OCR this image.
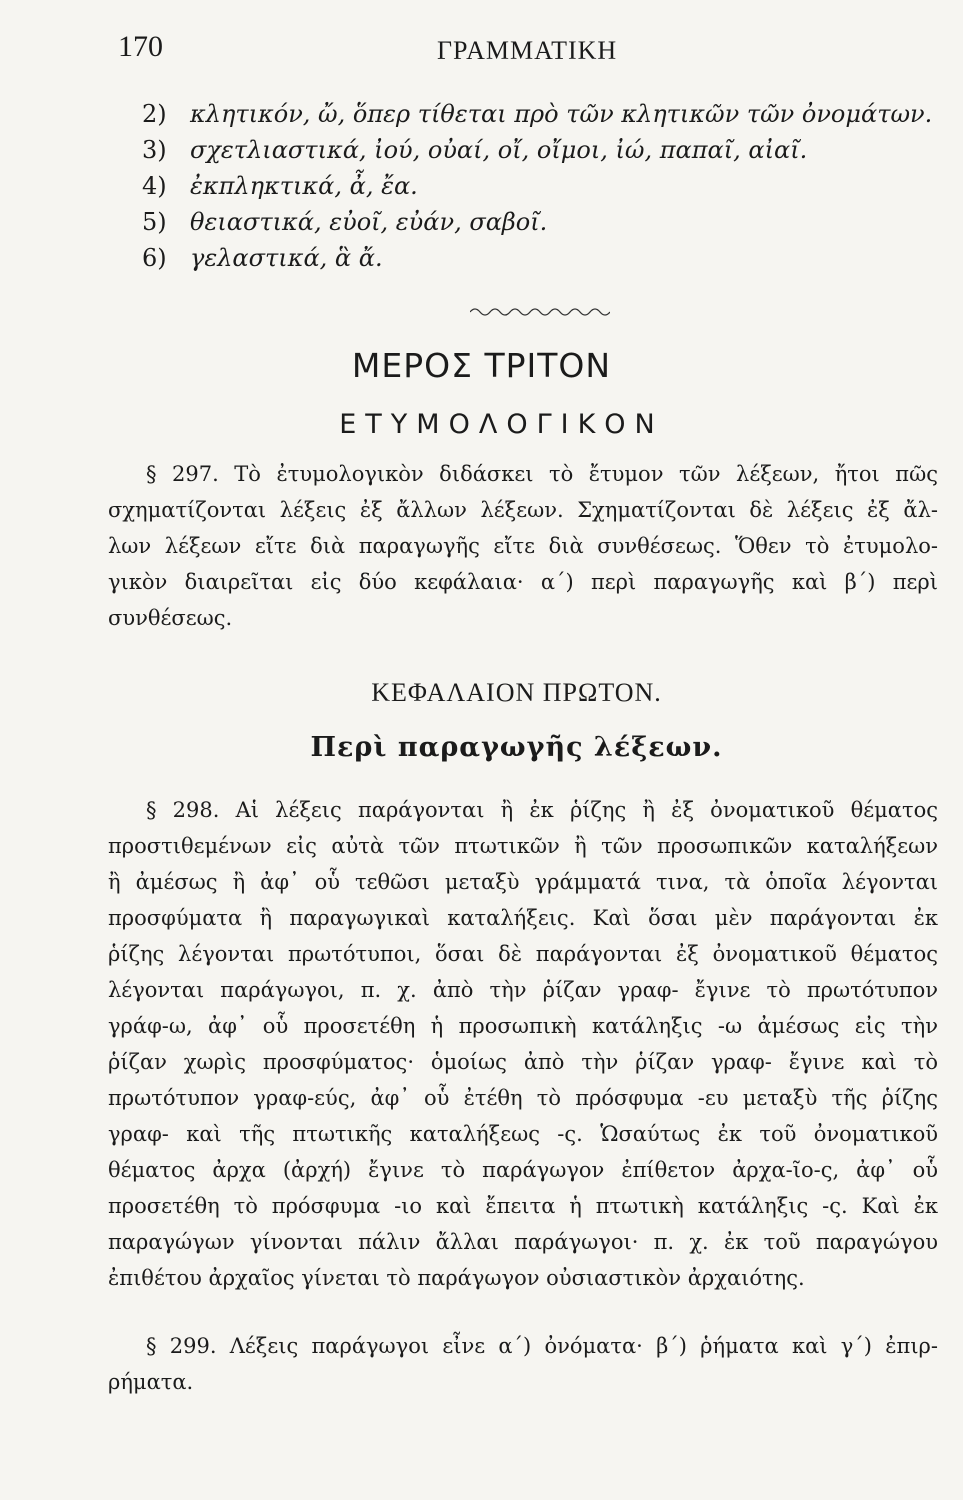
170	ΓΡΑΜΜΑΤΙΚΗ
2) κλητικόν, ὤ, ὅπερ τίθεται πρὸ τῶν κλητικῶν τῶν ὀνομάτων.
3) σχετλιαστικά, ἰού, οὐαί, οἴ, οἴμοι, ἰώ, παπαῖ, αἰαῖ.
4) ἐκπληκτικά, ἆ, ἔα.
5) θειαστικά, εὐοῖ, εὐάν, σαβοῖ.
6) γελαστικά, ἃ ἄ.
ΜΕΡΟΣ ΤΡΙΤΟΝ
ΕΤΥΜΟΛΟΓΙΚΟΝ
§ 297. Τὸ ἐτυμολογικὸν διδάσκει τὸ ἔτυμον τῶν λέξεων, ἤτοι πῶς
σχηματίζονται λέξεις ἐξ ἄλλων λέξεων. Σχηματίζονται δὲ λέξεις ἐξ ἄλ-
λων λέξεων εἴτε διὰ παραγωγῆς εἴτε διὰ συνθέσεως. Ὅθεν τὸ ἐτυμολο-
γικὸν διαιρεῖται εἰς δύο κεφάλαια· α΄) περὶ παραγωγῆς καὶ β΄) περὶ
συνθέσεως.
ΚΕΦΑΛΑΙΟΝ ΠΡΩΤΟΝ.
Περὶ παραγωγῆς λέξεων.
§ 298. Αἱ λέξεις παράγονται ἢ ἐκ ῥίζης ἢ ἐξ ὀνοματικοῦ θέματος
προστιθεμένων εἰς αὐτὰ τῶν πτωτικῶν ἢ τῶν προσωπικῶν καταλήξεων
ἢ ἀμέσως ἢ ἀφ᾽ οὗ τεθῶσι μεταξὺ γράμματά τινα, τὰ ὁποῖα λέγονται
προσφύματα ἢ παραγωγικαὶ καταλήξεις. Καὶ ὅσαι μὲν παράγονται ἐκ
ῥίζης λέγονται πρωτότυποι, ὅσαι δὲ παράγονται ἐξ ὀνοματικοῦ θέματος
λέγονται παράγωγοι, π. χ. ἀπὸ τὴν ῥίζαν γραφ- ἔγινε τὸ πρωτότυπον
γράφ-ω, ἀφ᾽ οὗ προσετέθη ἡ προσωπικὴ κατάληξις -ω ἀμέσως εἰς τὴν
ῥίζαν χωρὶς προσφύματος· ὁμοίως ἀπὸ τὴν ῥίζαν γραφ- ἔγινε καὶ τὸ
πρωτότυπον γραφ-εύς, ἀφ᾽ οὗ ἐτέθη τὸ πρόσφυμα -ευ μεταξὺ τῆς ῥίζης
γραφ- καὶ τῆς πτωτικῆς καταλήξεως -ς. Ὡσαύτως ἐκ τοῦ ὀνοματικοῦ
θέματος ἀρχα (ἀρχή) ἔγινε τὸ παράγωγον ἐπίθετον ἀρχα-ῖο-ς, ἀφ᾽ οὗ
προσετέθη τὸ πρόσφυμα -ιο καὶ ἔπειτα ἡ πτωτικὴ κατάληξις -ς. Καὶ ἐκ
παραγώγων γίνονται πάλιν ἄλλαι παράγωγοι· π. χ. ἐκ τοῦ παραγώγου
ἐπιθέτου ἀρχαῖος γίνεται τὸ παράγωγον οὐσιαστικὸν ἀρχαιότης.
§ 299. Λέξεις παράγωγοι εἶνε α΄) ὀνόματα· β΄) ῥήματα καὶ γ΄) ἐπιρ-
ρήματα.
